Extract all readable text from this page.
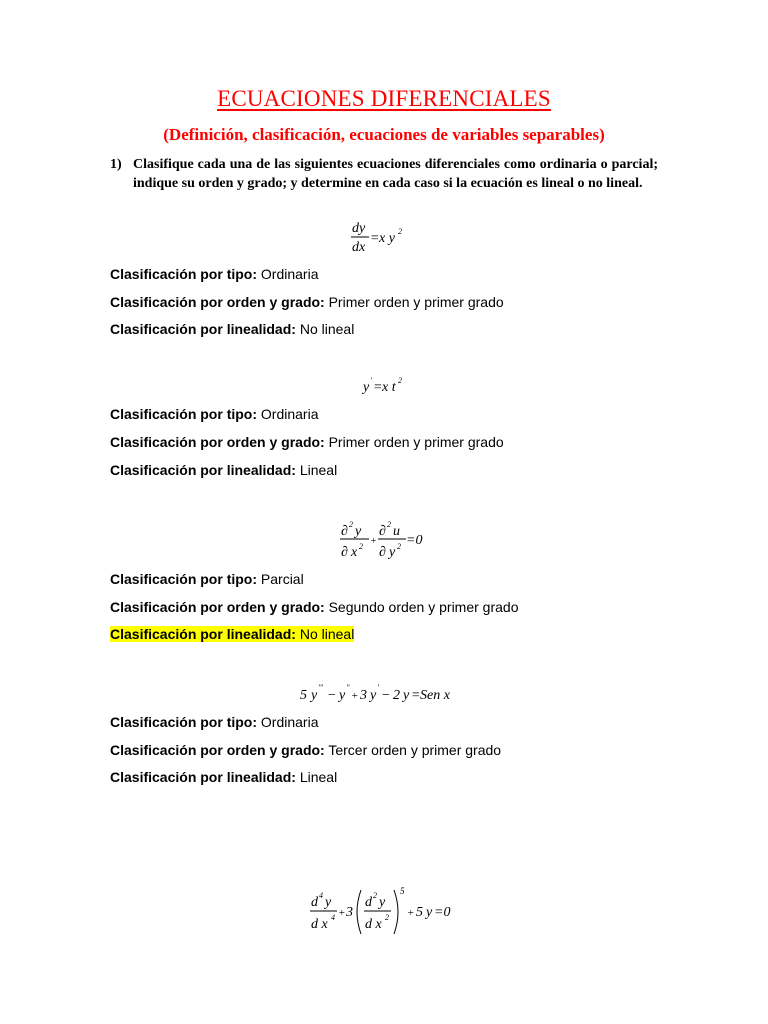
ECUACIONES DIFERENCIALES
(Definición, clasificación, ecuaciones de variables separables)
1) Clasifique cada una de las siguientes ecuaciones diferenciales como ordinaria o parcial; indique su orden y grado; y determine en cada caso si la ecuación es lineal o no lineal.
dy
dx
= x y 2
Clasificación por tipo: Ordinaria
Clasificación por orden y grado: Primer orden y primer grado
Clasificación por linealidad: No lineal
y ' = x t 2
Clasificación por tipo: Ordinaria
Clasificación por orden y grado: Primer orden y primer grado
Clasificación por linealidad: Lineal
∂ 2 y
∂ x 2 +
∂ 2 u
∂ y 2 =0
Clasificación por tipo: Parcial
Clasificación por orden y grado: Segundo orden y primer grado
Clasificación por linealidad: No lineal
5 y
'''
− y
''
+ 3 y
'
− 2 y = Sen x
Clasificación por tipo: Ordinaria
Clasificación por orden y grado: Tercer orden y primer grado
Clasificación por linealidad: Lineal
d 4 y
d x 4 + 3
d 2 y
d x 2
5
+ 5 y =0
